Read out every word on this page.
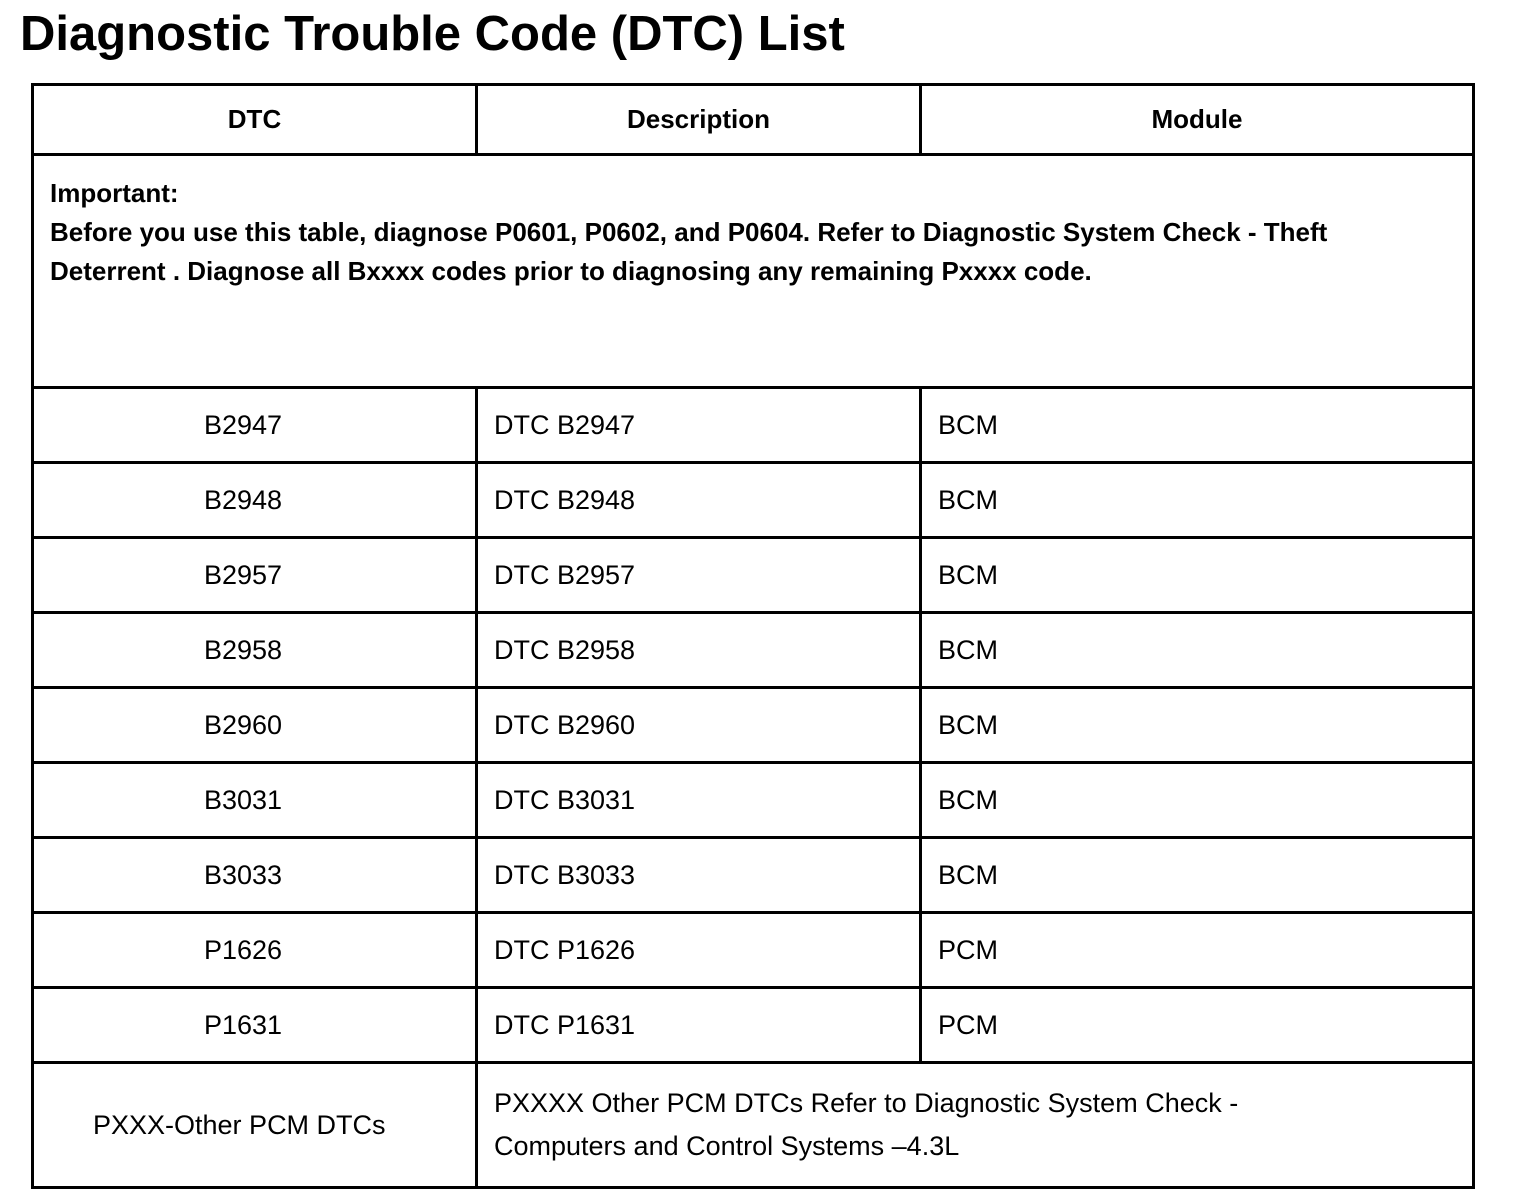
Diagnostic Trouble Code (DTC) List
DTC	Description	Module

Important:
Before you use this table, diagnose P0601, P0602, and P0604. Refer to Diagnostic System Check - Theft Deterrent . Diagnose all Bxxxx codes prior to diagnosing any remaining Pxxxx code.		

B2947	DTC B2947	BCM
B2948	DTC B2948	BCM
B2957	DTC B2957	BCM
B2958	DTC B2958	BCM
B2960	DTC B2960	BCM
B3031	DTC B3031	BCM
B3033	DTC B3033	BCM
P1626	DTC P1626	PCM
P1631	DTC P1631	PCM
PXXX-Other PCM DTCs	PXXXX Other PCM DTCs Refer to Diagnostic System Check - Computers and Control Systems –4.3L	
